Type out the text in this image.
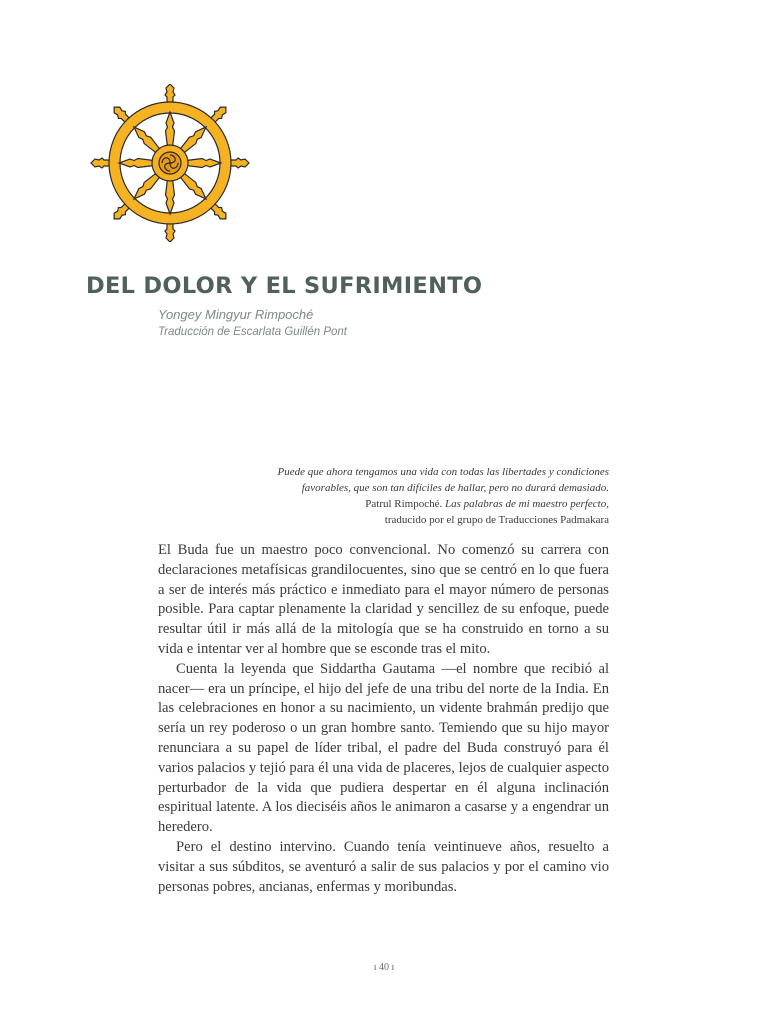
DEL DOLOR Y EL SUFRIMIENTO
Yongey Mingyur Rimpoché
Traducción de Escarlata Guillén Pont
Puede que ahora tengamos una vida con todas las libertades y condiciones
favorables, que son tan difíciles de hallar, pero no durará demasiado.
Patrul Rimpoché. Las palabras de mi maestro perfecto,
traducido por el grupo de Traducciones Padmakara

El Buda fue un maestro poco convencional. No comenzó su carrera con declaraciones metafísicas grandilocuentes, sino que se centró en lo que fuera a ser de interés más práctico e inmediato para el mayor número de personas posible. Para captar plenamente la claridad y sencillez de su enfoque, puede resultar útil ir más allá de la mitología que se ha construido en torno a su vida e intentar ver al hombre que se esconde tras el mito.

Cuenta la leyenda que Siddartha Gautama —el nombre que recibió al nacer— era un príncipe, el hijo del jefe de una tribu del norte de la India. En las celebraciones en honor a su nacimiento, un vidente brahmán predijo que sería un rey poderoso o un gran hombre santo. Temiendo que su hijo mayor renunciara a su papel de líder tribal, el padre del Buda construyó para él varios palacios y tejió para él una vida de placeres, lejos de cualquier aspecto perturbador de la vida que pudiera despertar en él alguna inclinación espiritual latente. A los dieciséis años le animaron a casarse y a engendrar un heredero.

Pero el destino intervino. Cuando tenía veintinueve años, resuelto a visitar a sus súbditos, se aventuró a salir de sus palacios y por el camino vio personas pobres, ancianas, enfermas y moribundas.

ı 40 ı
